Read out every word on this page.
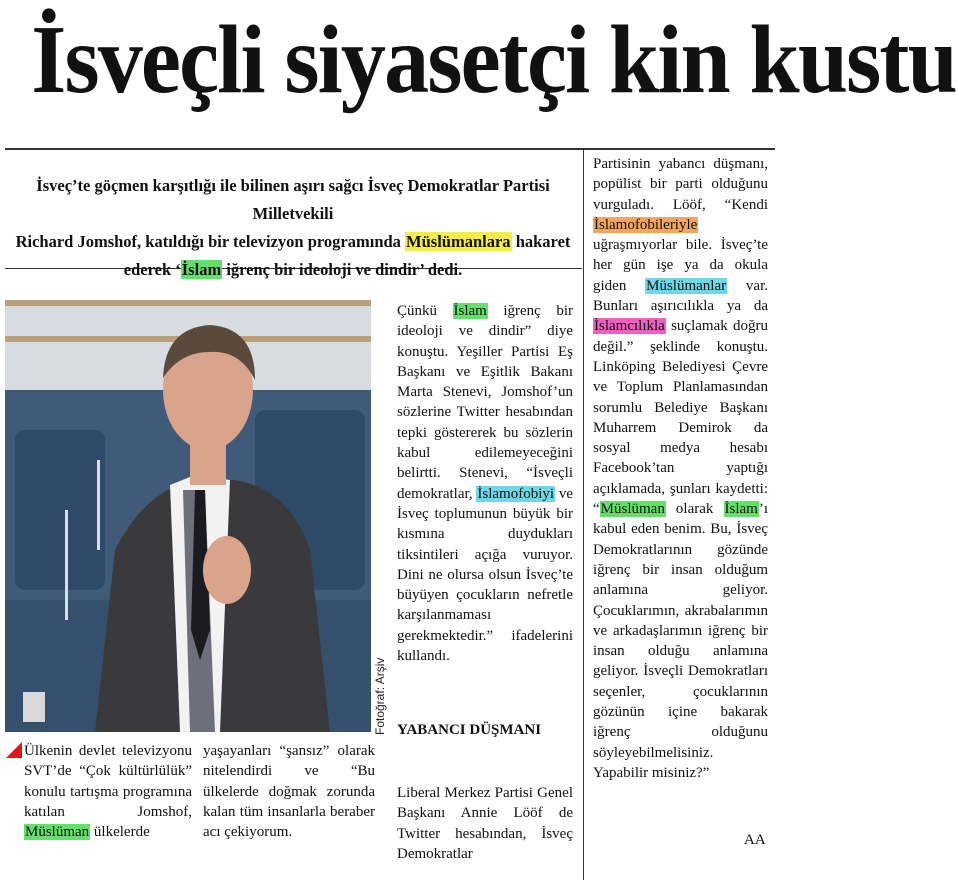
İsveçli siyasetçi kin kustu
İsveç’te göçmen karşıtlığı ile bilinen aşırı sağcı İsveç Demokratlar Partisi Milletvekili
Richard Jomshof, katıldığı bir televizyon programında Müslümanlara hakaret
ederek ‘İslam iğrenç bir ideoloji ve dindir’ dedi.
Fotoğraf: Arşiv

Ülkenin devlet televizyonu SVT’de “Çok kültürlülük” konulu tartışma programına katılan Jomshof, Müslüman ülkelerde

yaşayanları “şansız” olarak nitelendirdi ve “Bu ülkelerde doğmak zorunda kalan tüm insanlarla beraber acı çekiyorum.

Çünkü İslam iğrenç bir ideoloji ve dindir” diye konuştu. Yeşiller Partisi Eş Başkanı ve Eşitlik Bakanı Marta Stenevi, Jomshof’un sözlerine Twitter hesabından tepki göstererek bu sözlerin kabul edilemeyeceğini belirtti. Stenevi, “İsveçli demokratlar, İslamofobiyi ve İsveç toplumunun büyük bir kısmına duydukları tiksintileri açığa vuruyor. Dini ne olursa olsun İsveç’te büyüyen çocukların nefretle karşılanmaması gerekmektedir.” ifadelerini kullandı.

YABANCI DÜŞMANI

Liberal Merkez Partisi Genel Başkanı Annie Lööf de Twitter hesabından, İsveç Demokratlar

Partisinin yabancı düşmanı, popülist bir parti olduğunu vurguladı. Lööf, “Kendi İslamofobileriyle uğraşmıyorlar bile. İsveç’te her gün işe ya da okula giden Müslümanlar var. Bunları aşırıcılıkla ya da İslamcılıkla suçlamak doğru değil.” şeklinde konuştu. Linköping Belediyesi Çevre ve Toplum Planlamasından sorumlu Belediye Başkanı Muharrem Demirok da sosyal medya hesabı Facebook’tan yaptığı açıklamada, şunları kaydetti: “Müslüman olarak İslam’ı kabul eden benim. Bu, İsveç Demokratlarının gözünde iğrenç bir insan olduğum anlamına geliyor. Çocuklarımın, akrabalarımın ve arkadaşlarımın iğrenç bir insan olduğu anlamına geliyor. İsveçli Demokratları seçenler, çocuklarının gözünün içine bakarak iğrenç olduğunu söyleyebilmelisiniz. Yapabilir misiniz?”

AA
